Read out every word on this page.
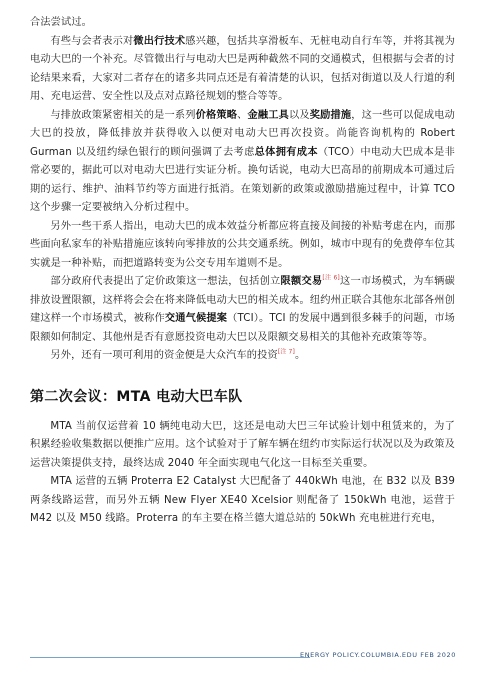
合法尝试过。

有些与会者表示对微出行技术感兴趣，包括共享滑板车、无桩电动自行车等，并将其视为电动大巴的一个补充。尽管微出行与电动大巴是两种截然不同的交通模式，但根据与会者的讨论结果来看，大家对二者存在的诸多共同点还是有着清楚的认识，包括对街道以及人行道的利用、充电运营、安全性以及点对点路径规划的整合等等。

与排放政策紧密相关的是一系列价格策略、金融工具以及奖励措施，这一些可以促成电动大巴的投放，降低排放并获得收入以便对电动大巴再次投资。尚能咨询机构的 Robert Gurman 以及纽约绿色银行的顾问强调了去考虑总体拥有成本（TCO）中电动大巴成本是非常必要的，据此可以对电动大巴进行实证分析。换句话说，电动大巴高昂的前期成本可通过后期的运行、维护、油料节约等方面进行抵消。在策划新的政策或激励措施过程中，计算 TCO 这个步骤一定要被纳入分析过程中。

另外一些干系人指出，电动大巴的成本效益分析都应将直接及间接的补贴考虑在内，而那些面向私家车的补贴措施应该转向零排放的公共交通系统。例如，城市中现有的免费停车位其实就是一种补贴，而把道路转变为公交专用车道则不是。

部分政府代表提出了定价政策这一想法，包括创立限额交易[注 6]这一市场模式，为车辆碳排放设置限额，这样将会会在将来降低电动大巴的相关成本。纽约州正联合其他东北部各州创建这样一个市场模式，被称作交通气候提案（TCI）。TCI 的发展中遇到很多棘手的问题，市场限额如何制定、其他州是否有意愿投资电动大巴以及限额交易相关的其他补充政策等等。

另外，还有一项可利用的资金便是大众汽车的投资[注 7]。

第二次会议：MTA 电动大巴车队

MTA 当前仅运营着 10 辆纯电动大巴，这还是电动大巴三年试验计划中租赁来的，为了积累经验收集数据以便推广应用。这个试验对于了解车辆在纽约市实际运行状况以及为政策及运营决策提供支持，最终达成 2040 年全面实现电气化这一目标至关重要。

MTA 运营的五辆 Proterra E2 Catalyst 大巴配备了 440kWh 电池，在 B32 以及 B39 两条线路运营，而另外五辆 New Flyer XE40 Xcelsior 则配备了 150kWh 电池，运营于 M42 以及 M50 线路。Proterra 的车主要在格兰德大道总站的 50kWh 充电桩进行充电，

ENERGY POLICY.COLUMBIA.EDU FEB 2020
